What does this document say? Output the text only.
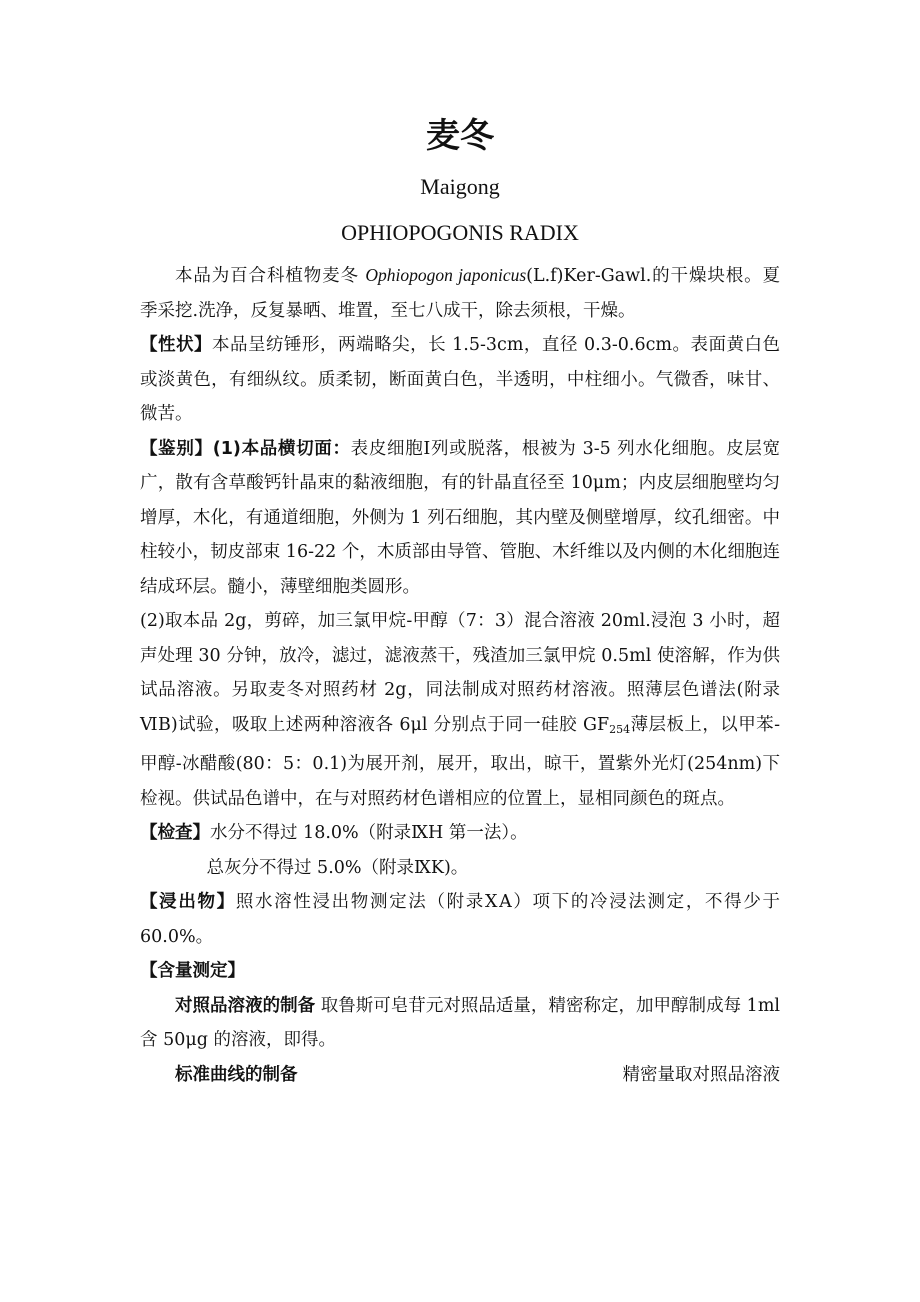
麦冬
Maigong
OPHIOPOGONIS RADIX

本品为百合科植物麦冬 Ophiopogon japonicus(L.f)Ker-Gawl.的干燥块根。夏季采挖.洗净，反复暴晒、堆置，至七八成干，除去须根，干燥。

【性状】本品呈纺锤形，两端略尖，长 1.5-3cm，直径 0.3-0.6cm。表面黄白色或淡黄色，有细纵纹。质柔韧，断面黄白色，半透明，中柱细小。气微香，味甘、微苦。

【鉴别】(1)本品横切面：表皮细胞Ⅰ列或脱落，根被为 3-5 列水化细胞。皮层宽广，散有含草酸钙针晶束的黏液细胞，有的针晶直径至 10μm；内皮层细胞壁均匀增厚，木化，有通道细胞，外侧为 1 列石细胞，其内壁及侧壁增厚，纹孔细密。中柱较小，韧皮部束 16-22 个，木质部由导管、管胞、木纤维以及内侧的木化细胞连结成环层。髓小，薄壁细胞类圆形。

(2)取本品 2g，剪碎，加三氯甲烷-甲醇（7：3）混合溶液 20ml.浸泡 3 小时，超声处理 30 分钟，放冷，滤过，滤液蒸干，残渣加三氯甲烷 0.5ml 使溶解，作为供试品溶液。另取麦冬对照药材 2g，同法制成对照药材溶液。照薄层色谱法(附录ⅥB)试验，吸取上述两种溶液各 6μl 分别点于同一硅胶 $GF_{254}$薄层板上，以甲苯-甲醇-冰醋酸(80：5：0.1)为展开剂，展开，取出，晾干，置紫外光灯(254nm)下检视。供试品色谱中，在与对照药材色谱相应的位置上，显相同颜色的斑点。

【检查】水分不得过 18.0%（附录ⅨH 第一法）。

总灰分不得过 5.0%（附录ⅨK)。

【浸出物】照水溶性浸出物测定法（附录ⅩA）项下的冷浸法测定，不得少于 60.0%。

【含量测定】

对照品溶液的制备 取鲁斯可皂苷元对照品适量，精密称定，加甲醇制成每 1ml 含 50μg 的溶液，即得。

标准曲线的制备	精密量取对照品溶液
